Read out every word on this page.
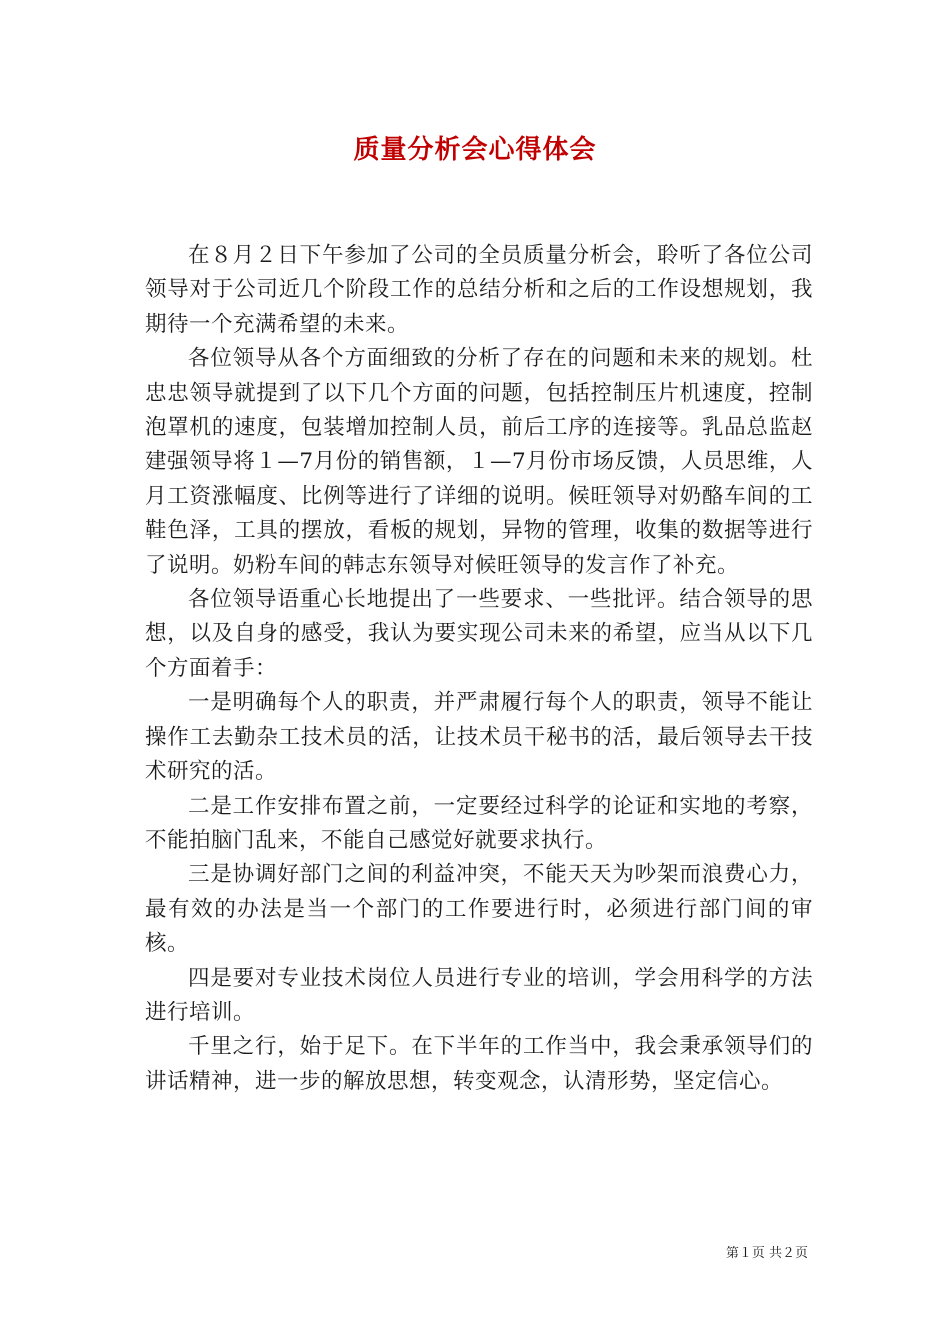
质量分析会心得体会

在８月２日下午参加了公司的全员质量分析会，聆听了各位公司领导对于公司近几个阶段工作的总结分析和之后的工作设想规划，我期待一个充满希望的未来。

各位领导从各个方面细致的分析了存在的问题和未来的规划。杜忠忠领导就提到了以下几个方面的问题，包括控制压片机速度，控制泡罩机的速度，包装增加控制人员，前后工序的连接等。乳品总监赵建强领导将１—7月份的销售额，１—7月份市场反馈，人员思维，人月工资涨幅度、比例等进行了详细的说明。候旺领导对奶酪车间的工鞋色泽，工具的摆放，看板的规划，异物的管理，收集的数据等进行了说明。奶粉车间的韩志东领导对候旺领导的发言作了补充。

各位领导语重心长地提出了一些要求、一些批评。结合领导的思想，以及自身的感受，我认为要实现公司未来的希望，应当从以下几个方面着手：

一是明确每个人的职责，并严肃履行每个人的职责，领导不能让操作工去勤杂工技术员的活，让技术员干秘书的活，最后领导去干技术研究的活。

二是工作安排布置之前，一定要经过科学的论证和实地的考察，不能拍脑门乱来，不能自己感觉好就要求执行。

三是协调好部门之间的利益冲突，不能天天为吵架而浪费心力，最有效的办法是当一个部门的工作要进行时，必须进行部门间的审核。

四是要对专业技术岗位人员进行专业的培训，学会用科学的方法进行培训。

千里之行，始于足下。在下半年的工作当中，我会秉承领导们的讲话精神，进一步的解放思想，转变观念，认清形势，坚定信心。

第１页 共２页
